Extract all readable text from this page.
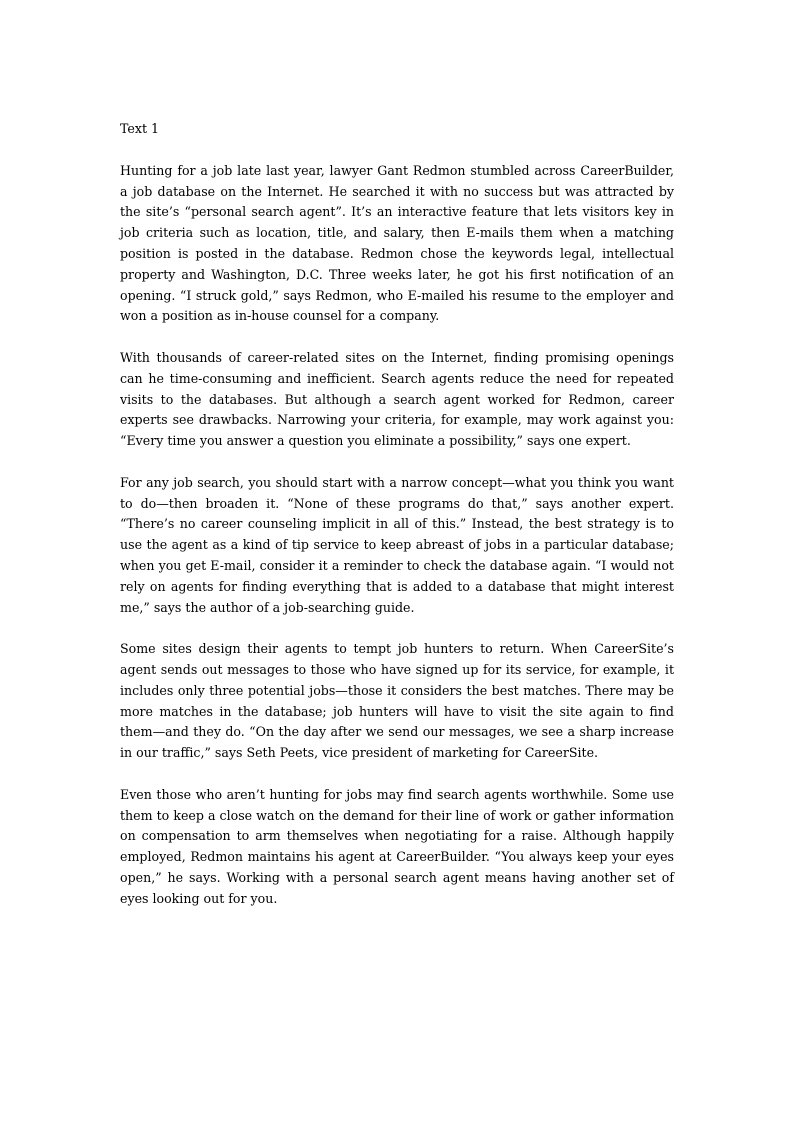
Text 1

Hunting for a job late last year, lawyer Gant Redmon stumbled across CareerBuilder, a job database on the Internet. He searched it with no success but was attracted by the site’s “personal search agent”. It’s an interactive feature that lets visitors key in job criteria such as location, title, and salary, then E-mails them when a matching position is posted in the database. Redmon chose the keywords legal, intellectual property and Washington, D.C. Three weeks later, he got his first notification of an opening. “I struck gold,” says Redmon, who E-mailed his resume to the employer and won a position as in-house counsel for a company.

With thousands of career-related sites on the Internet, finding promising openings can he time-consuming and inefficient. Search agents reduce the need for repeated visits to the databases. But although a search agent worked for Redmon, career experts see drawbacks. Narrowing your criteria, for example, may work against you: “Every time you answer a question you eliminate a possibility,” says one expert.

For any job search, you should start with a narrow concept—what you think you want to do—then broaden it. “None of these programs do that,” says another expert. “There’s no career counseling implicit in all of this.” Instead, the best strategy is to use the agent as a kind of tip service to keep abreast of jobs in a particular database; when you get E-mail, consider it a reminder to check the database again. “I would not rely on agents for finding everything that is added to a database that might interest me,” says the author of a job-searching guide.

Some sites design their agents to tempt job hunters to return. When CareerSite’s agent sends out messages to those who have signed up for its service, for example, it includes only three potential jobs—those it considers the best matches. There may be more matches in the database; job hunters will have to visit the site again to find them—and they do. “On the day after we send our messages, we see a sharp increase in our traffic,” says Seth Peets, vice president of marketing for CareerSite.

Even those who aren’t hunting for jobs may find search agents worthwhile. Some use them to keep a close watch on the demand for their line of work or gather information on compensation to arm themselves when negotiating for a raise. Although happily employed, Redmon maintains his agent at CareerBuilder. “You always keep your eyes open,” he says. Working with a personal search agent means having another set of eyes looking out for you.
